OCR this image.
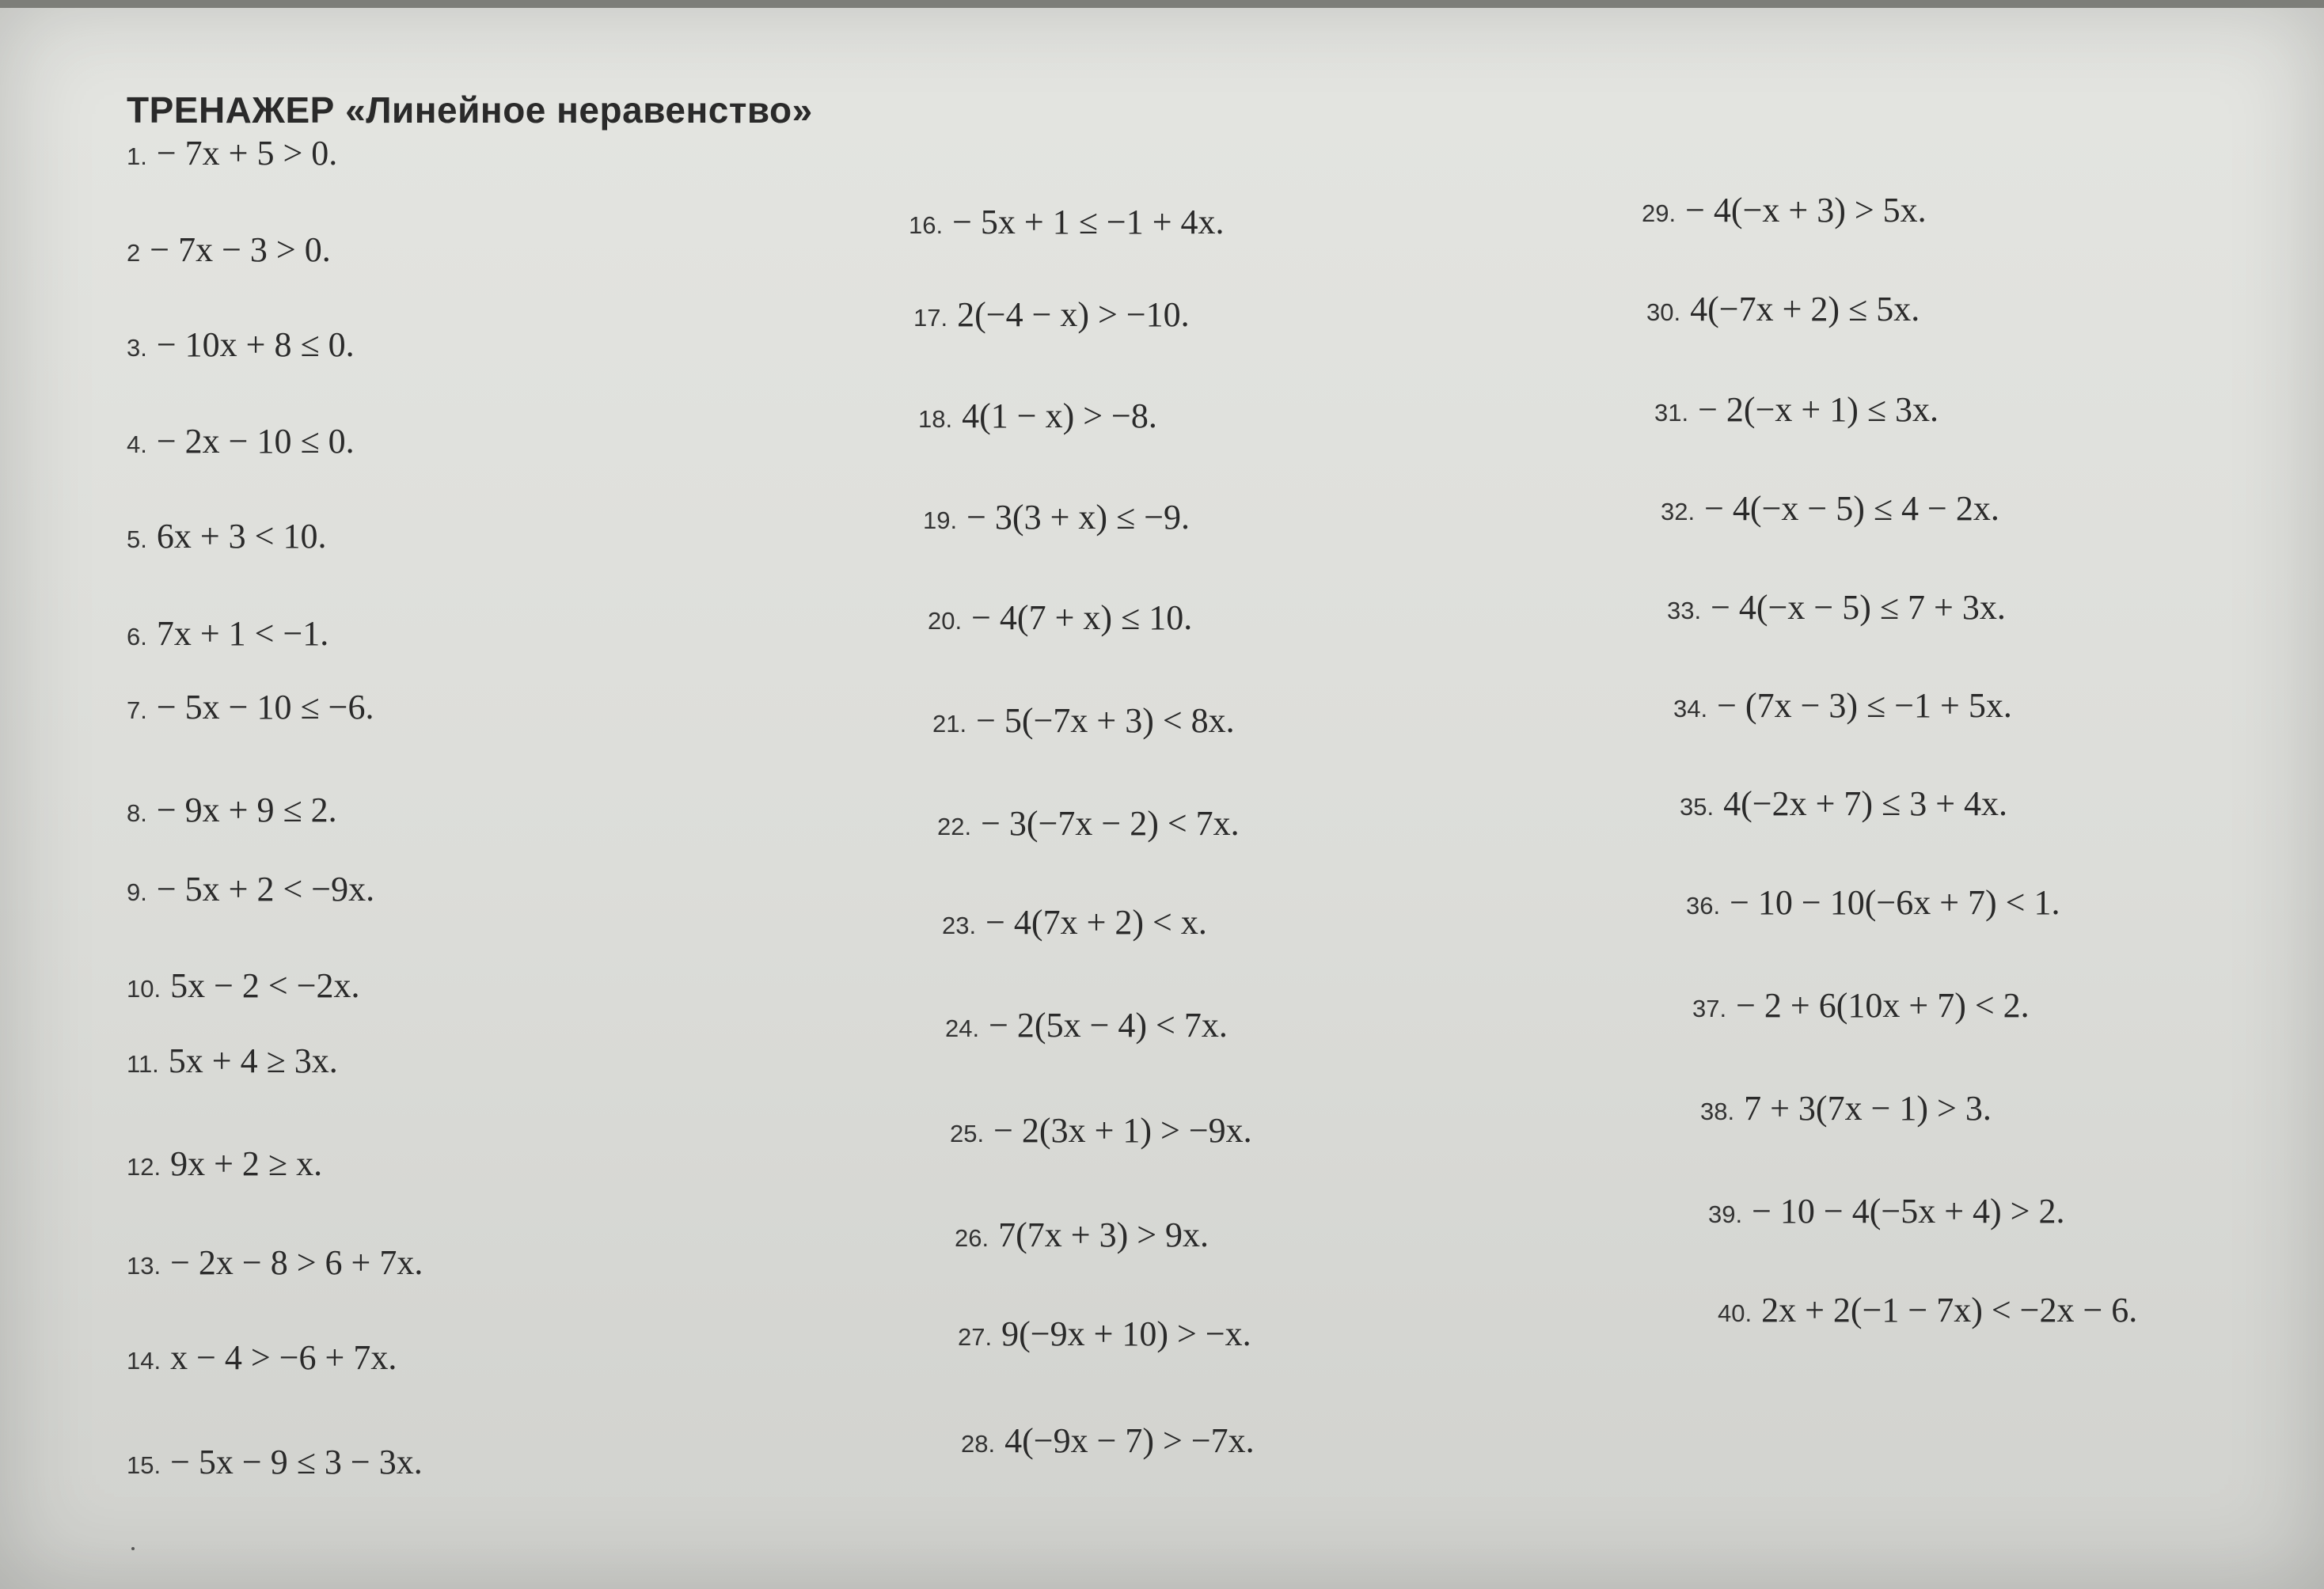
ТРЕНАЖЕР «Линейное неравенство»
1. − 7x + 5 > 0.
2 − 7x − 3 > 0.
3. − 10x + 8 ≤ 0.
4. − 2x − 10 ≤ 0.
5. 6x + 3 < 10.
6. 7x + 1 < −1.
7. − 5x − 10 ≤ −6.
8. − 9x + 9 ≤ 2.
9. − 5x + 2 < −9x.
10. 5x − 2 < −2x.
11. 5x + 4 ≥ 3x.
12. 9x + 2 ≥ x.
13. − 2x − 8 > 6 + 7x.
14. x − 4 > −6 + 7x.
15. − 5x − 9 ≤ 3 − 3x.
16. − 5x + 1 ≤ −1 + 4x.
17. 2(−4 − x) > −10.
18. 4(1 − x) > −8.
19. − 3(3 + x) ≤ −9.
20. − 4(7 + x) ≤ 10.
21. − 5(−7x + 3) < 8x.
22. − 3(−7x − 2) < 7x.
23. − 4(7x + 2) < x.
24. − 2(5x − 4) < 7x.
25. − 2(3x + 1) > −9x.
26. 7(7x + 3) > 9x.
27. 9(−9x + 10) > −x.
28. 4(−9x − 7) > −7x.
29. − 4(−x + 3) > 5x.
30. 4(−7x + 2) ≤ 5x.
31. − 2(−x + 1) ≤ 3x.
32. − 4(−x − 5) ≤ 4 − 2x.
33. − 4(−x − 5) ≤ 7 + 3x.
34. − (7x − 3) ≤ −1 + 5x.
35. 4(−2x + 7) ≤ 3 + 4x.
36. − 10 − 10(−6x + 7) < 1.
37. − 2 + 6(10x + 7) < 2.
38. 7 + 3(7x − 1) > 3.
39. − 10 − 4(−5x + 4) > 2.
40. 2x + 2(−1 − 7x) < −2x − 6.
